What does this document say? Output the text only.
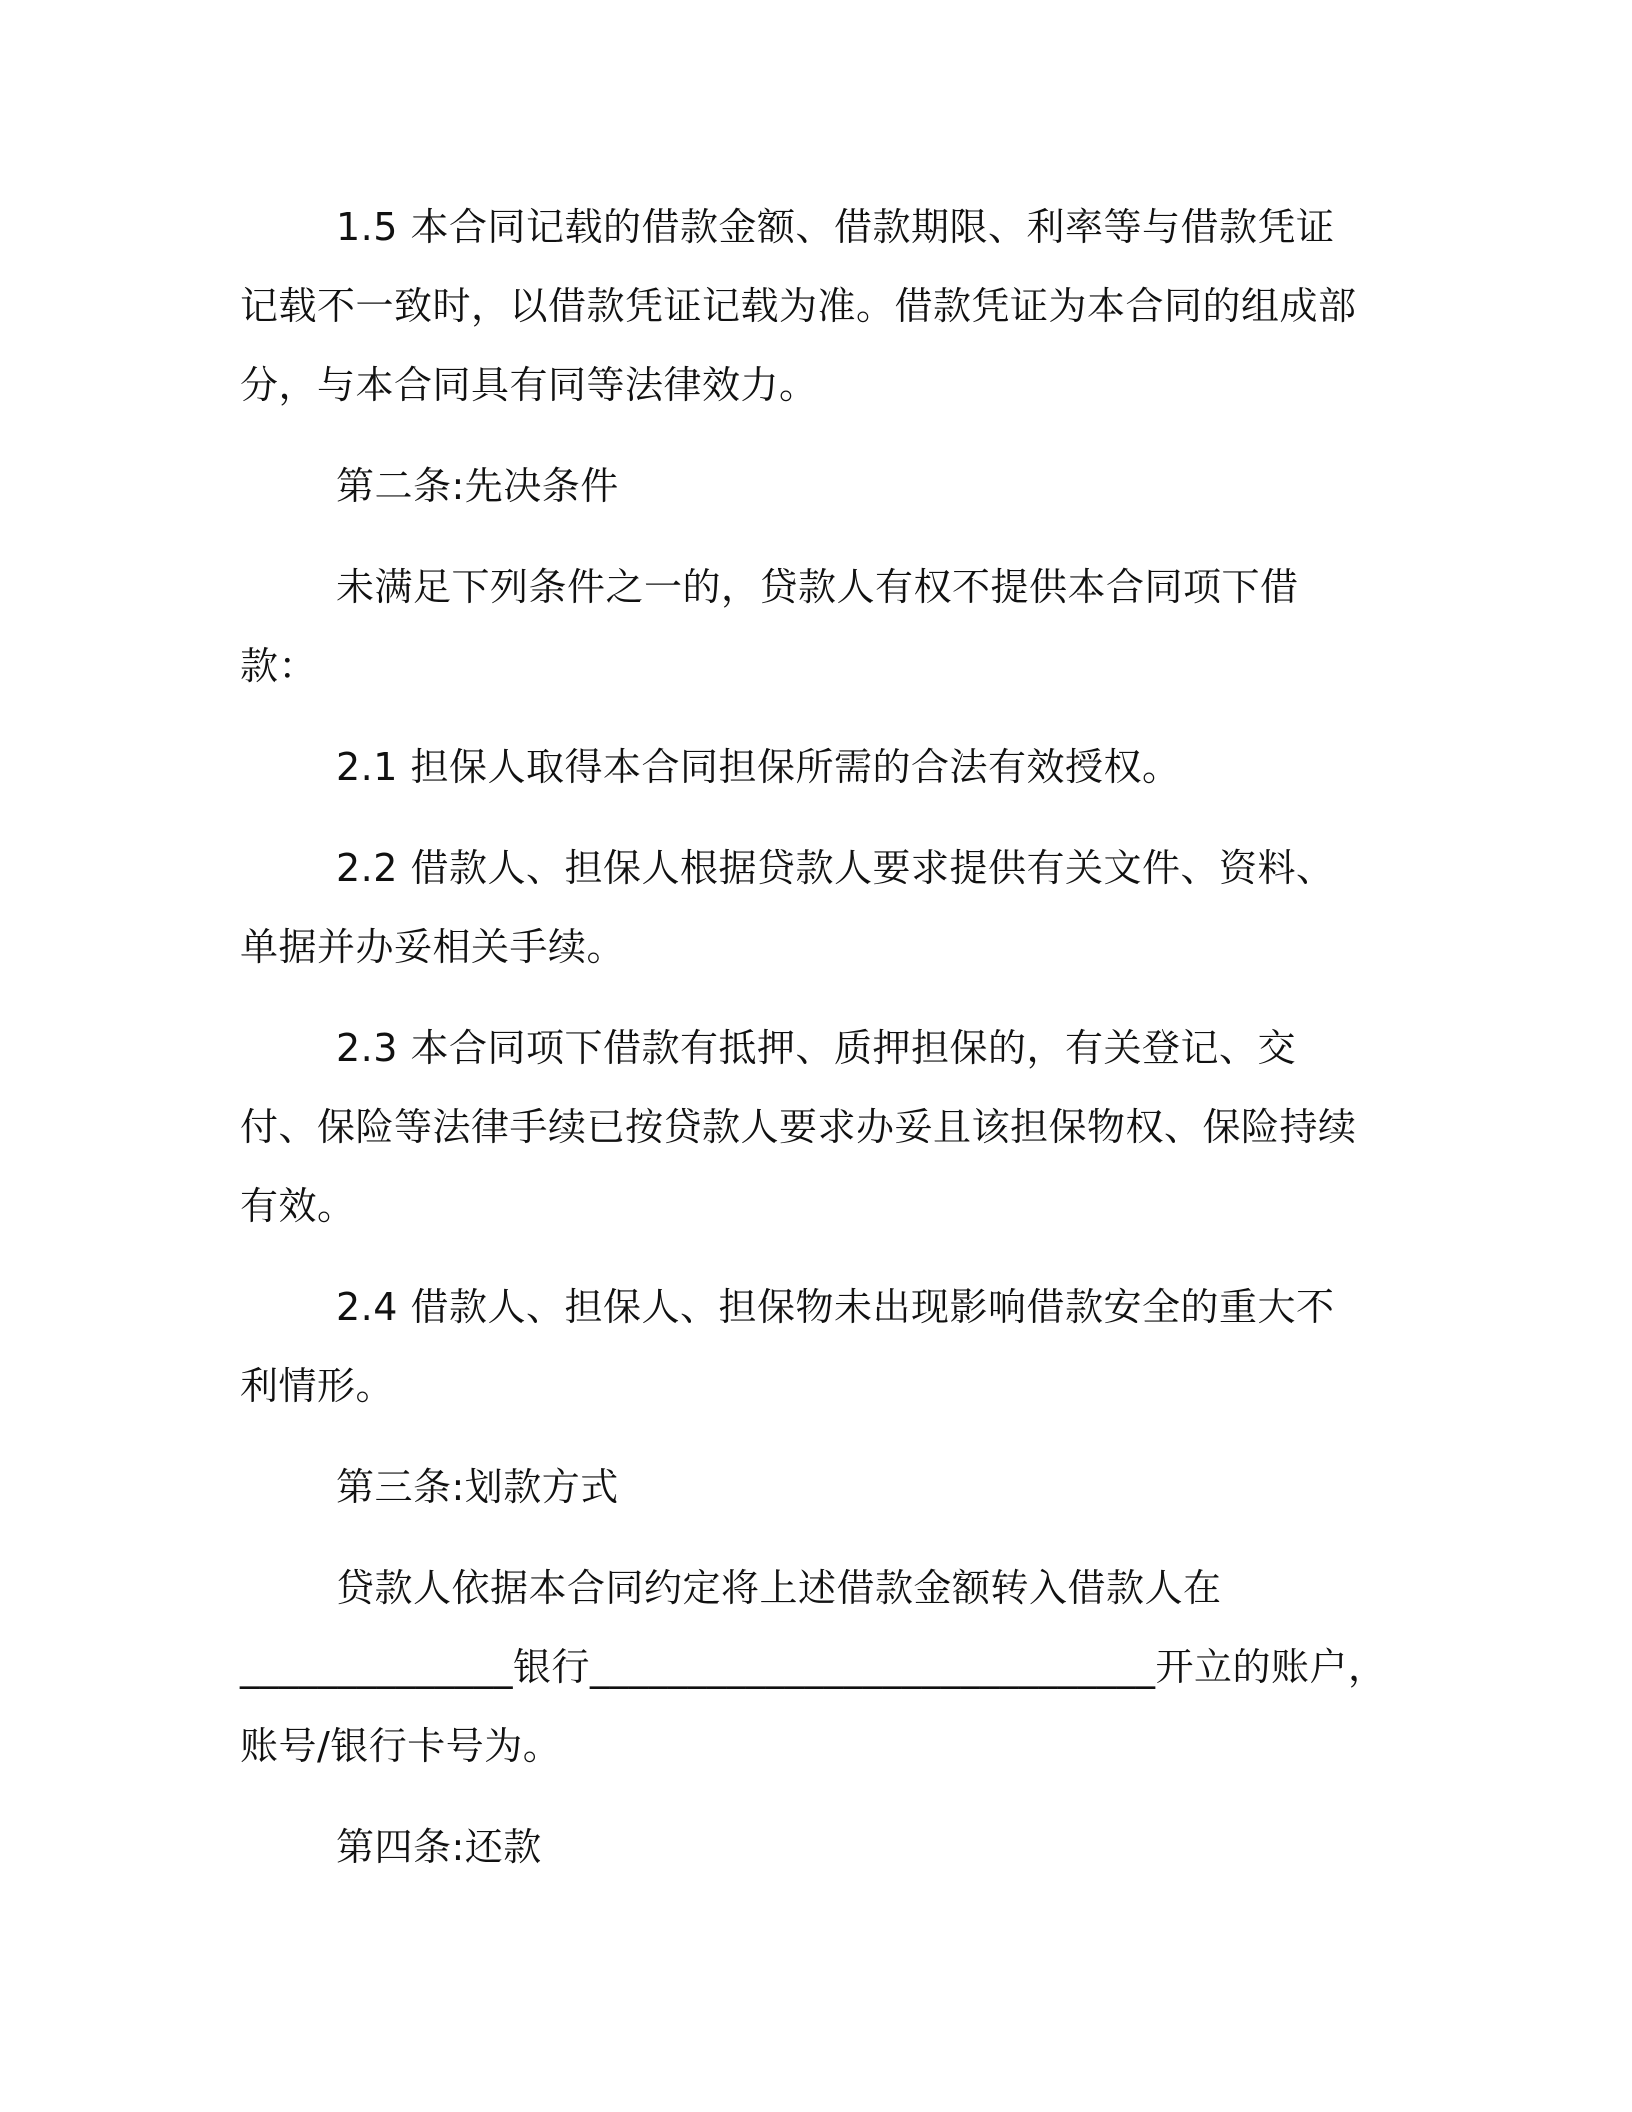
1.5 本合同记载的借款金额、借款期限、利率等与借款凭证记载不一致时，以借款凭证记载为准。借款凭证为本合同的组成部分，与本合同具有同等法律效力。

第二条:先决条件

未满足下列条件之一的，贷款人有权不提供本合同项下借款：

2.1 担保人取得本合同担保所需的合法有效授权。

2.2 借款人、担保人根据贷款人要求提供有关文件、资料、单据并办妥相关手续。

2.3 本合同项下借款有抵押、质押担保的，有关登记、交付、保险等法律手续已按贷款人要求办妥且该担保物权、保险持续有效。

2.4 借款人、担保人、担保物未出现影响借款安全的重大不利情形。

第三条:划款方式

贷款人依据本合同约定将上述借款金额转入借款人在

______________银行_____________________________开立的账户，

账号/银行卡号为。

第四条:还款
